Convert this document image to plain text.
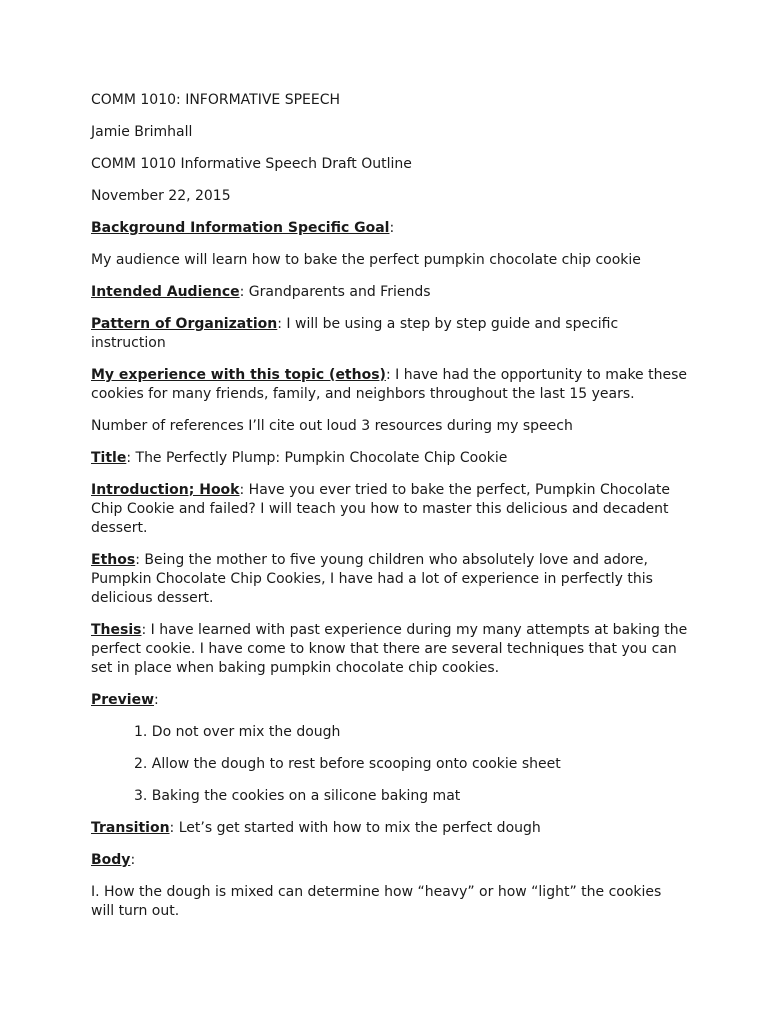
COMM 1010: INFORMATIVE SPEECH

Jamie Brimhall

COMM 1010 Informative Speech Draft Outline

November 22, 2015

Background Information Specific Goal:

My audience will learn how to bake the perfect pumpkin chocolate chip cookie

Intended Audience: Grandparents and Friends

Pattern of Organization: I will be using a step by step guide and specific instruction

My experience with this topic (ethos): I have had the opportunity to make these cookies for many friends, family, and neighbors throughout the last 15 years.

Number of references I’ll cite out loud 3 resources during my speech

Title: The Perfectly Plump: Pumpkin Chocolate Chip Cookie

Introduction; Hook: Have you ever tried to bake the perfect, Pumpkin Chocolate Chip Cookie and failed? I will teach you how to master this delicious and decadent dessert.

Ethos: Being the mother to five young children who absolutely love and adore, Pumpkin Chocolate Chip Cookies, I have had a lot of experience in perfectly this delicious dessert.

Thesis: I have learned with past experience during my many attempts at baking the perfect cookie. I have come to know that there are several techniques that you can set in place when baking pumpkin chocolate chip cookies.

Preview:

1. Do not over mix the dough
2. Allow the dough to rest before scooping onto cookie sheet
3. Baking the cookies on a silicone baking mat

Transition: Let’s get started with how to mix the perfect dough

Body:

I. How the dough is mixed can determine how “heavy” or how “light” the cookies will turn out.
